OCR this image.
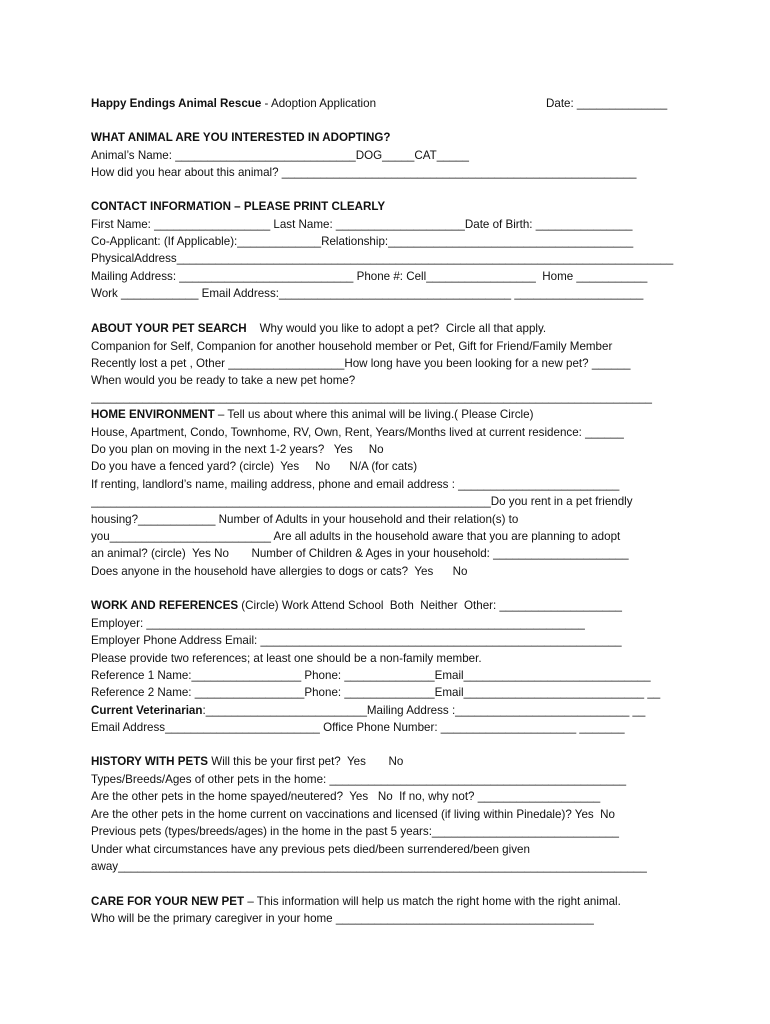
Happy Endings Animal Rescue - Adoption Application	Date: ______________

WHAT ANIMAL ARE YOU INTERESTED IN ADOPTING?

Animal’s Name: ____________________________DOG_____CAT_____

How did you hear about this animal? _______________________________________________________

CONTACT INFORMATION – PLEASE PRINT CLEARLY

First Name: __________________ Last Name: ____________________Date of Birth: _______________

Co-Applicant: (If Applicable):_____________Relationship:______________________________________

PhysicalAddress_____________________________________________________________________________

Mailing Address: ___________________________ Phone #: Cell_________________  Home ___________

Work ____________ Email Address:____________________________________ ____________________

ABOUT YOUR PET SEARCH    Why would you like to adopt a pet?  Circle all that apply.

Companion for Self, Companion for another household member or Pet, Gift for Friend/Family Member

Recently lost a pet , Other __________________How long have you been looking for a new pet? ______

When would you be ready to take a new pet home?

_______________________________________________________________________________________

HOME ENVIRONMENT – Tell us about where this animal will be living.( Please Circle)

House, Apartment, Condo, Townhome, RV, Own, Rent, Years/Months lived at current residence: ______

Do you plan on moving in the next 1-2 years?   Yes     No

Do you have a fenced yard? (circle)  Yes     No      N/A (for cats)

If renting, landlord’s name, mailing address, phone and email address : _________________________

______________________________________________________________Do you rent in a pet friendly

housing?____________ Number of Adults in your household and their relation(s) to

you_________________________ Are all adults in the household aware that you are planning to adopt

an animal? (circle)  Yes No       Number of Children & Ages in your household: _____________________

Does anyone in the household have allergies to dogs or cats?  Yes      No

WORK AND REFERENCES (Circle) Work Attend School  Both  Neither  Other: ___________________

Employer: ____________________________________________________________________

Employer Phone Address Email: ________________________________________________________

Please provide two references; at least one should be a non-family member.

Reference 1 Name:_________________ Phone: ______________Email_____________________________

Reference 2 Name: _________________Phone: ______________Email____________________________ __

Current Veterinarian:_________________________Mailing Address :___________________________ __

Email Address________________________ Office Phone Number: _____________________ _______

HISTORY WITH PETS Will this be your first pet?  Yes       No

Types/Breeds/Ages of other pets in the home: ______________________________________________

Are the other pets in the home spayed/neutered?  Yes   No  If no, why not? ___________________

Are the other pets in the home current on vaccinations and licensed (if living within Pinedale)? Yes  No

Previous pets (types/breeds/ages) in the home in the past 5 years:_____________________________

Under what circumstances have any previous pets died/been surrendered/been given

away__________________________________________________________________________________

CARE FOR YOUR NEW PET – This information will help us match the right home with the right animal.

Who will be the primary caregiver in your home ________________________________________
